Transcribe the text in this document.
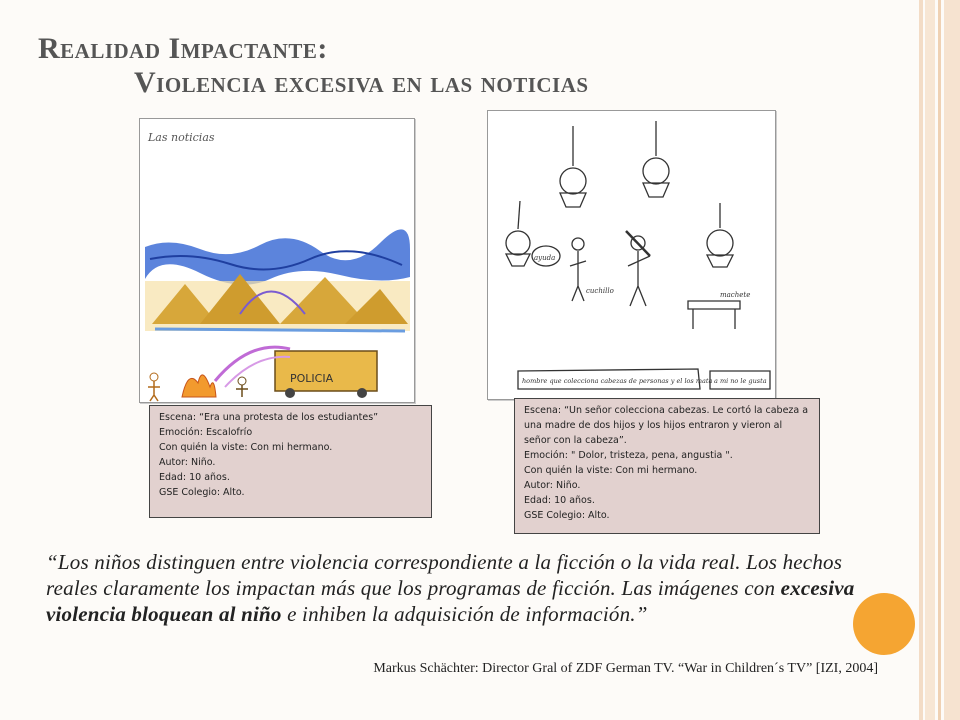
Realidad Impactante:
Violencia excesiva en las noticias
Las noticias
POLICIA
ayuda
cuchillo	machete
hombre que colecciona cabezas de personas y el los mata a mi no le gusta
Escena: “Era una protesta de los estudiantes”
Emoción: Escalofrío
Con quién la viste: Con mi hermano.
Autor: Niño.
Edad: 10 años.
GSE Colegio: Alto.
Escena: “Un señor colecciona cabezas. Le cortó la cabeza a una madre de dos hijos y los hijos entraron y vieron al señor con la cabeza”.
Emoción: " Dolor, tristeza, pena, angustia ".
Con quién la viste: Con mi hermano.
Autor: Niño.
Edad: 10 años.
GSE Colegio: Alto.
“Los niños distinguen entre violencia correspondiente a la ficción o la vida real. Los hechos reales claramente los impactan más que los programas de ficción. Las imágenes con excesiva violencia bloquean al niño e inhiben la adquisición de información.”
Markus Schächter: Director Gral of ZDF German TV. “War in Children´s TV” [IZI, 2004]
